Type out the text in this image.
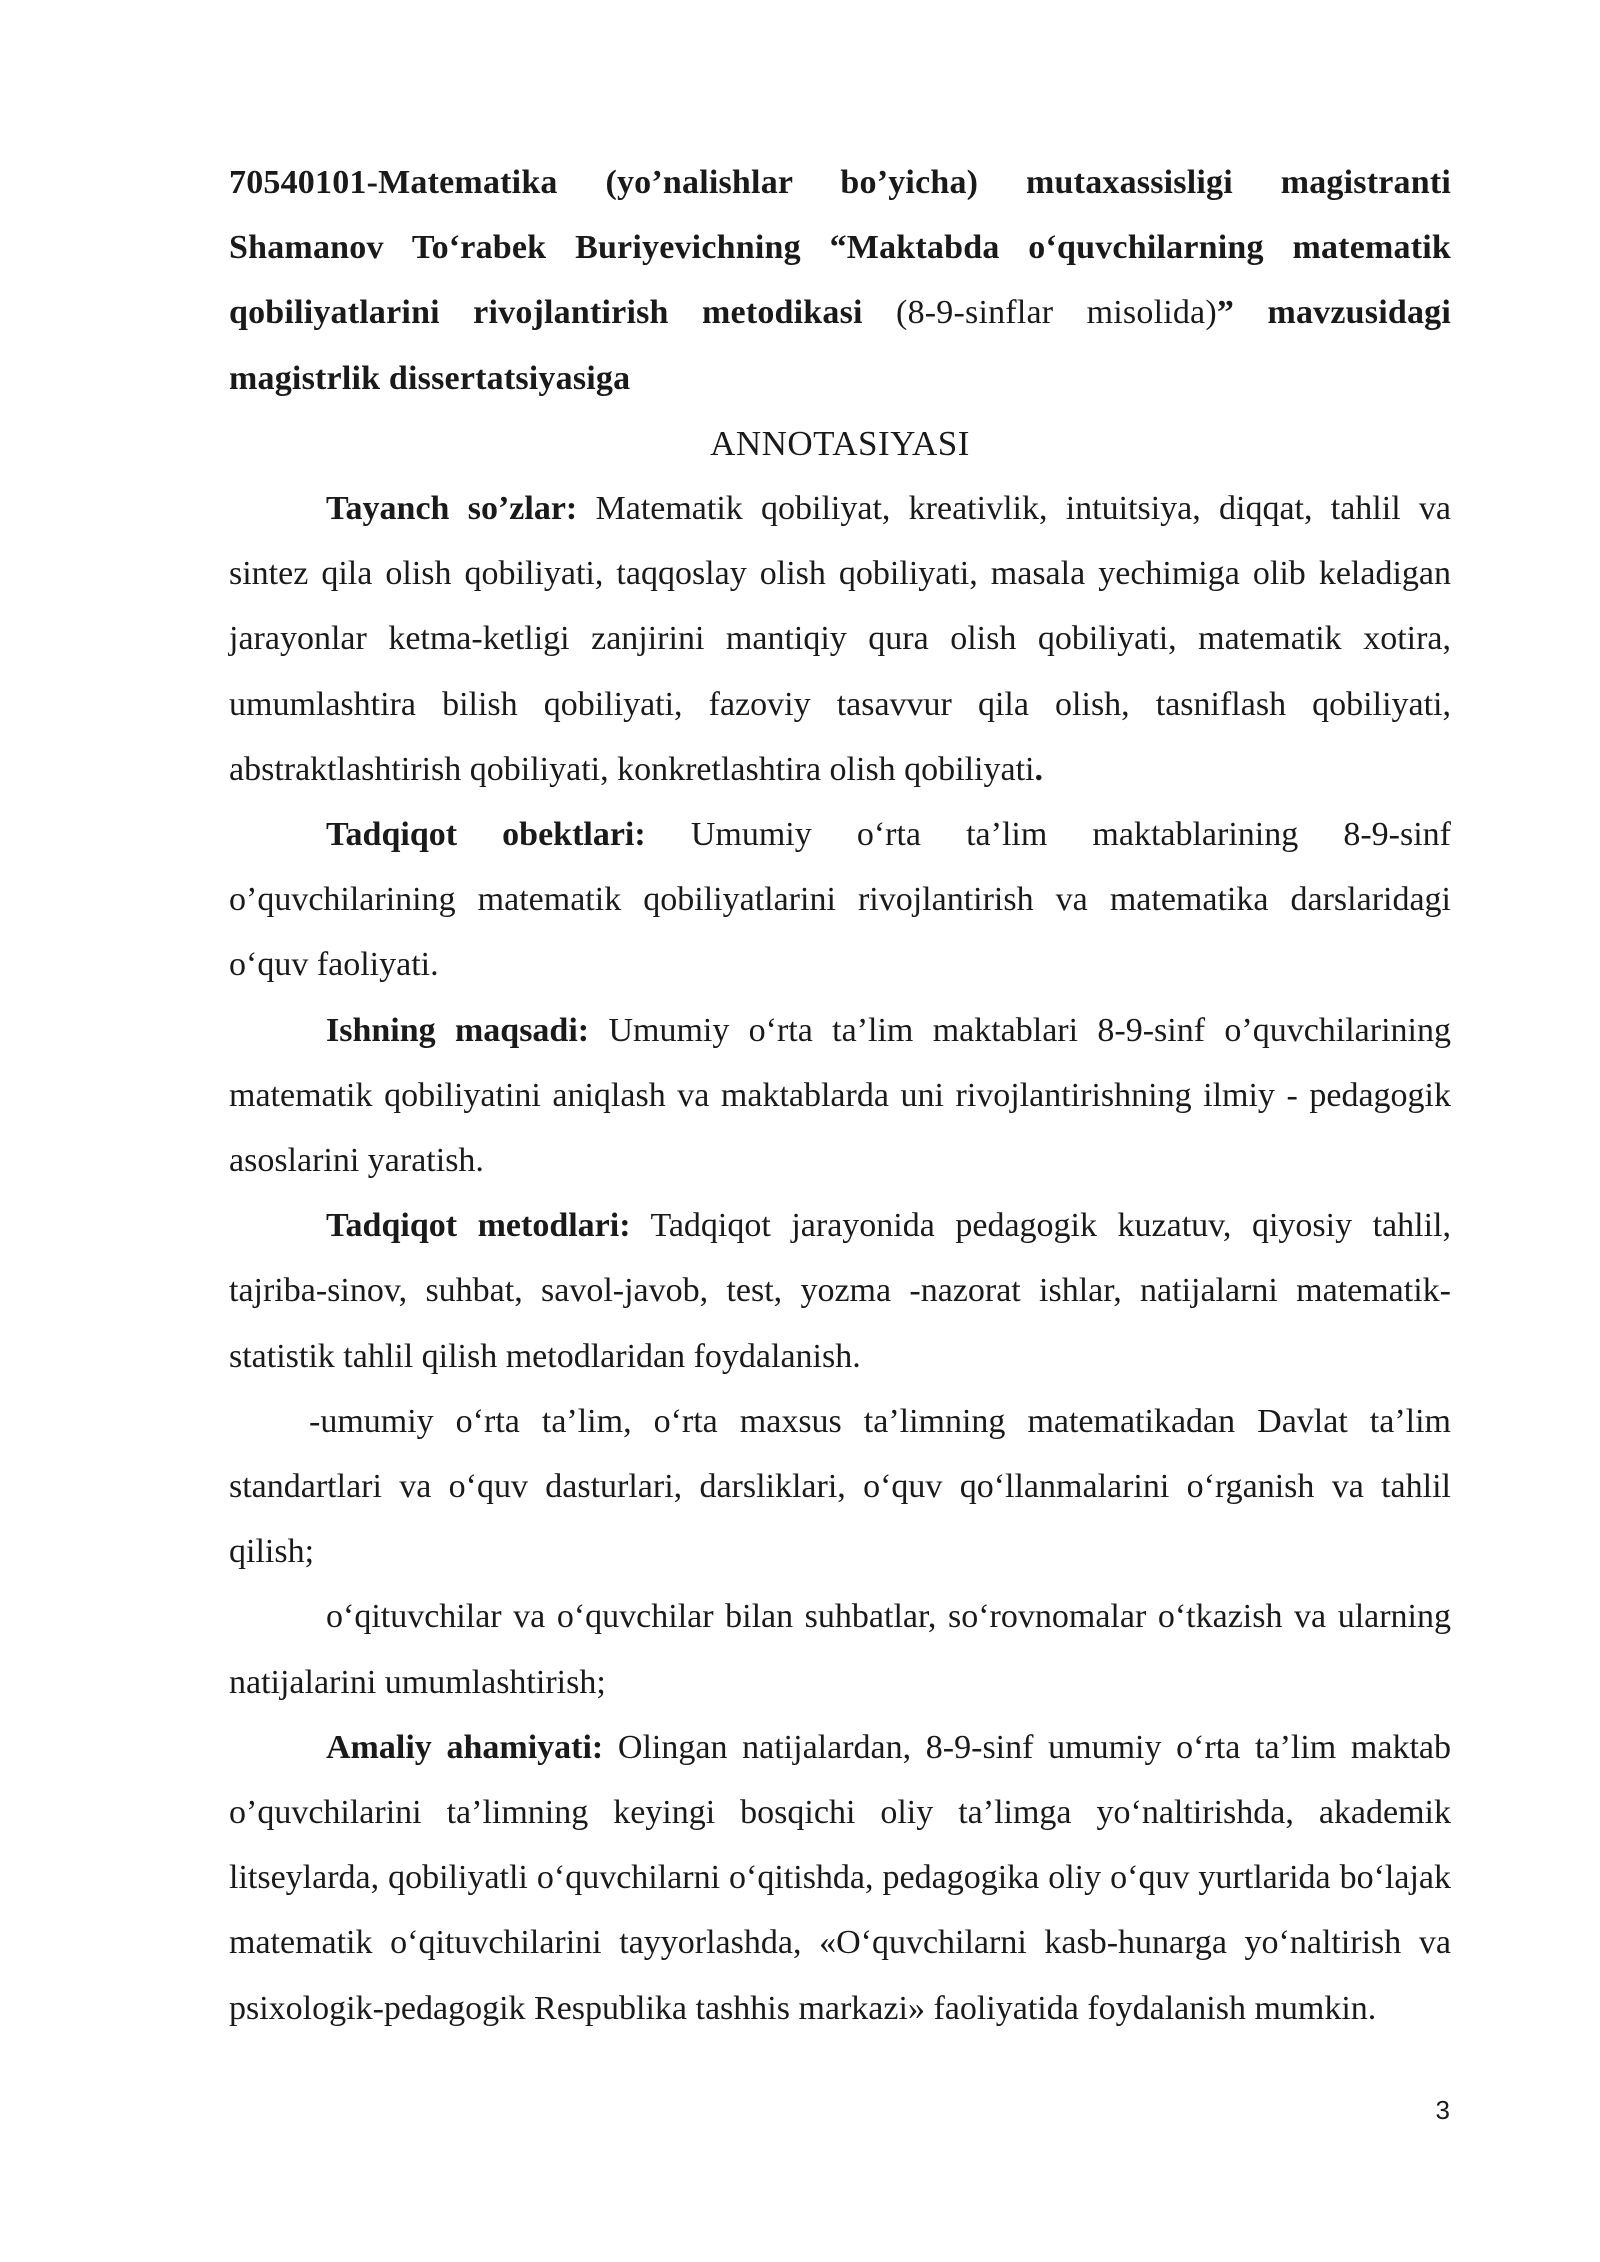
70540101-Matematika (yo’nalishlar bo’yicha) mutaxassisligi magistranti Shamanov To‘rabek Buriyevichning “Maktabda o‘quvchilarning matematik qobiliyatlarini rivojlantirish metodikasi (8-9-sinflar misolida)” mavzusidagi magistrlik dissertatsiyasiga

ANNOTASIYASI

Tayanch so’zlar: Matematik qobiliyat, kreativlik, intuitsiya, diqqat, tahlil va sintez qila olish qobiliyati, taqqoslay olish qobiliyati, masala yechimiga olib keladigan jarayonlar ketma-ketligi zanjirini mantiqiy qura olish qobiliyati, matematik xotira, umumlashtira bilish qobiliyati, fazoviy tasavvur qila olish, tasniflash qobiliyati, abstraktlashtirish qobiliyati, konkretlashtira olish qobiliyati.

Tadqiqot obektlari: Umumiy o‘rta ta’lim maktablarining 8-9-sinf o’quvchilarining matematik qobiliyatlarini rivojlantirish va matematika darslaridagi o‘quv faoliyati.

Ishning maqsadi: Umumiy o‘rta ta’lim maktablari 8-9-sinf o’quvchilarining matematik qobiliyatini aniqlash va maktablarda uni rivojlantirishning ilmiy - pedagogik asoslarini yaratish.

Tadqiqot metodlari: Tadqiqot jarayonida pedagogik kuzatuv, qiyosiy tahlil, tajriba-sinov, suhbat, savol-javob, test, yozma -nazorat ishlar, natijalarni matematik-statistik tahlil qilish metodlaridan foydalanish.

-umumiy o‘rta ta’lim, o‘rta maxsus ta’limning matematikadan Davlat ta’lim standartlari va o‘quv dasturlari, darsliklari, o‘quv qo‘llanmalarini o‘rganish va tahlil qilish;

o‘qituvchilar va o‘quvchilar bilan suhbatlar, so‘rovnomalar o‘tkazish va ularning natijalarini umumlashtirish;

Amaliy ahamiyati: Olingan natijalardan, 8-9-sinf umumiy o‘rta ta’lim maktab o’quvchilarini ta’limning keyingi bosqichi oliy ta’limga yo‘naltirishda, akademik litseylarda, qobiliyatli o‘quvchilarni o‘qitishda, pedagogika oliy o‘quv yurtlarida bo‘lajak matematik o‘qituvchilarini tayyorlashda, «O‘quvchilarni kasb-hunarga yo‘naltirish va psixologik-pedagogik Respublika tashhis markazi» faoliyatida foydalanish mumkin.

3
